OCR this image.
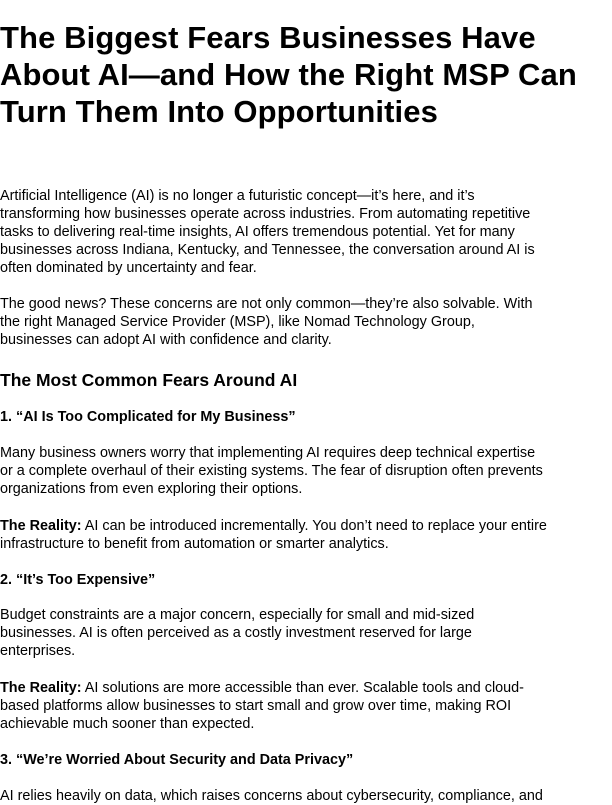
The Biggest Fears Businesses Have
About AI—and How the Right MSP Can
Turn Them Into Opportunities

Artificial Intelligence (AI) is no longer a futuristic concept—it’s here, and it’s
transforming how businesses operate across industries. From automating repetitive
tasks to delivering real-time insights, AI offers tremendous potential. Yet for many
businesses across Indiana, Kentucky, and Tennessee, the conversation around AI is
often dominated by uncertainty and fear.

The good news? These concerns are not only common—they’re also solvable. With
the right Managed Service Provider (MSP), like Nomad Technology Group,
businesses can adopt AI with confidence and clarity.

The Most Common Fears Around AI
1. “AI Is Too Complicated for My Business”

Many business owners worry that implementing AI requires deep technical expertise
or a complete overhaul of their existing systems. The fear of disruption often prevents
organizations from even exploring their options.

The Reality: AI can be introduced incrementally. You don’t need to replace your entire
infrastructure to benefit from automation or smarter analytics.

2. “It’s Too Expensive”

Budget constraints are a major concern, especially for small and mid-sized
businesses. AI is often perceived as a costly investment reserved for large
enterprises.

The Reality: AI solutions are more accessible than ever. Scalable tools and cloud-
based platforms allow businesses to start small and grow over time, making ROI
achievable much sooner than expected.

3. “We’re Worried About Security and Data Privacy”

AI relies heavily on data, which raises concerns about cybersecurity, compliance, and
